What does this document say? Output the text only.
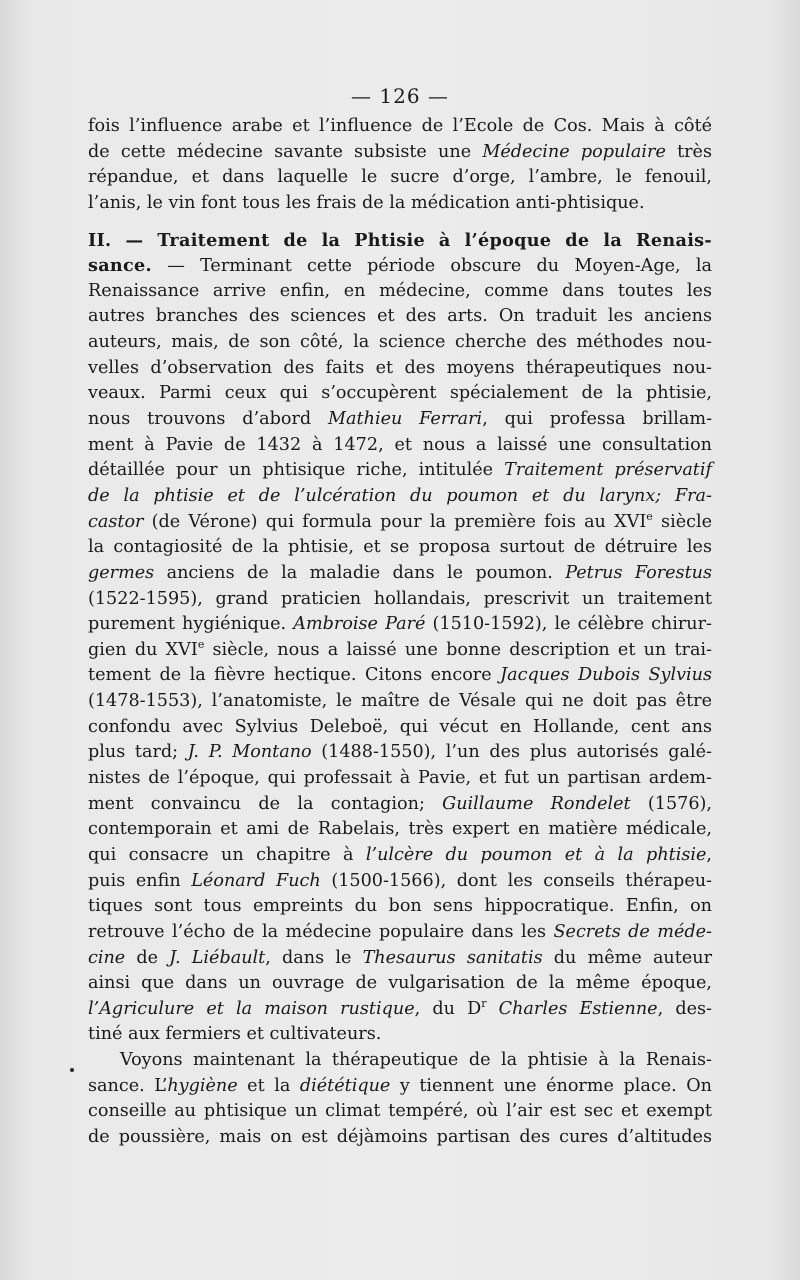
— 126 —
fois l’influence arabe et l’influence de l’Ecole de Cos. Mais à côté
de cette médecine savante subsiste une Médecine populaire très
répandue, et dans laquelle le sucre d’orge, l’ambre, le fenouil,
l’anis, le vin font tous les frais de la médication anti-phtisique.
II. — Traitement de la Phtisie à l’époque de la Renais-
sance. — Terminant cette période obscure du Moyen-Age, la
Renaissance arrive enfin, en médecine, comme dans toutes les
autres branches des sciences et des arts. On traduit les anciens
auteurs, mais, de son côté, la science cherche des méthodes nou-
velles d’observation des faits et des moyens thérapeutiques nou-
veaux. Parmi ceux qui s’occupèrent spécialement de la phtisie,
nous trouvons d’abord Mathieu Ferrari, qui professa brillam-
ment à Pavie de 1432 à 1472, et nous a laissé une consultation
détaillée pour un phtisique riche, intitulée Traitement préservatif
de la phtisie et de l’ulcération du poumon et du larynx; Fra-
castor (de Vérone) qui formula pour la première fois au XVIe siècle
la contagiosité de la phtisie, et se proposa surtout de détruire les
germes anciens de la maladie dans le poumon. Petrus Forestus
(1522-1595), grand praticien hollandais, prescrivit un traitement
purement hygiénique. Ambroise Paré (1510-1592), le célèbre chirur-
gien du XVIe siècle, nous a laissé une bonne description et un trai-
tement de la fièvre hectique. Citons encore Jacques Dubois Sylvius
(1478-1553), l’anatomiste, le maître de Vésale qui ne doit pas être
confondu avec Sylvius Deleboë, qui vécut en Hollande, cent ans
plus tard; J. P. Montano (1488-1550), l’un des plus autorisés galé-
nistes de l’époque, qui professait à Pavie, et fut un partisan ardem-
ment convaincu de la contagion; Guillaume Rondelet (1576),
contemporain et ami de Rabelais, très expert en matière médicale,
qui consacre un chapitre à l’ulcère du poumon et à la phtisie,
puis enfin Léonard Fuch (1500-1566), dont les conseils thérapeu-
tiques sont tous empreints du bon sens hippocratique. Enfin, on
retrouve l’écho de la médecine populaire dans les Secrets de méde-
cine de J. Liébault, dans le Thesaurus sanitatis du même auteur
ainsi que dans un ouvrage de vulgarisation de la même époque,
l’Agriculure et la maison rustique, du $D^r$ Charles Estienne, des-
tiné aux fermiers et cultivateurs.
Voyons maintenant la thérapeutique de la phtisie à la Renais-
sance. L’hygiène et la diététique y tiennent une énorme place. On
conseille au phtisique un climat tempéré, où l’air est sec et exempt
de poussière, mais on est déjàmoins partisan des cures d’altitudes
